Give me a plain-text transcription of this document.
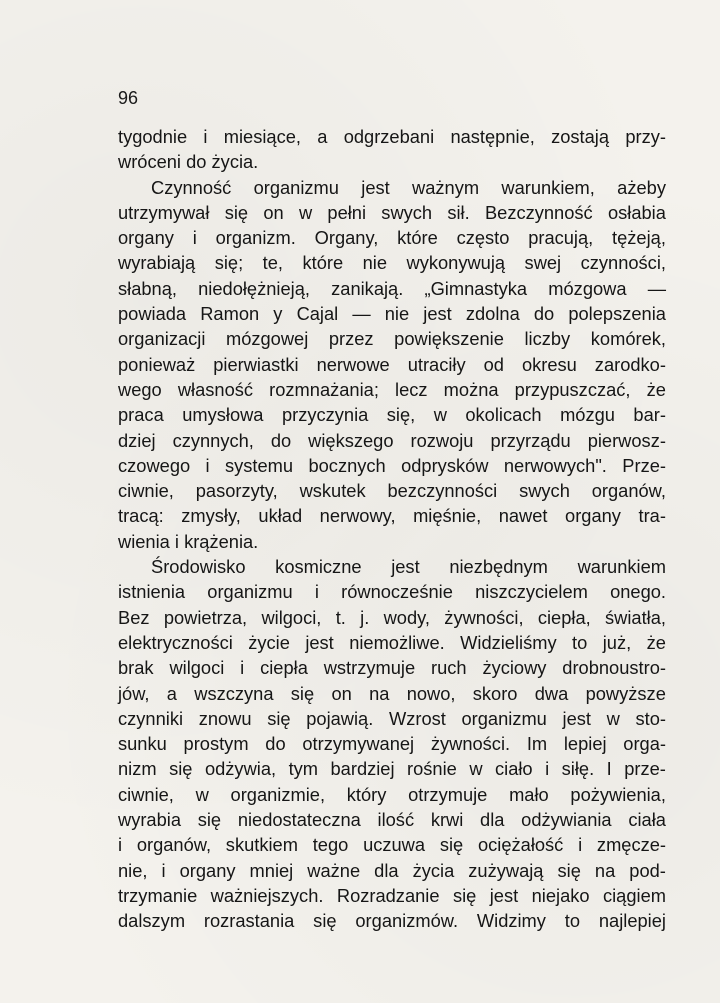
96
tygodnie i miesiące, a odgrzebani następnie, zostają przy-
wróceni
do
życia.
Czynność organizmu jest ważnym warunkiem, ażeby
utrzymywał się on w pełni swych sił. Bezczynność osłabia
organy i organizm. Organy, które często pracują, tężeją,
wyrabiają się; te, które nie wykonywują swej czynności,
słabną, niedołężnieją, zanikają. „Gimnastyka mózgowa —
powiada Ramon y Cajal — nie jest zdolna do polepszenia
organizacji mózgowej przez powiększenie liczby komórek,
ponieważ pierwiastki nerwowe utraciły od okresu zarodko-
wego własność rozmnażania; lecz można przypuszczać, że
praca umysłowa przyczynia się, w okolicach mózgu bar-
dziej czynnych, do większego rozwoju przyrządu pierwosz-
czowego i systemu bocznych odprysków nerwowych". Prze-
ciwnie, pasorzyty, wskutek bezczynności swych organów,
tracą: zmysły, układ nerwowy, mięśnie, nawet organy tra-
wienia
i
krążenia.
Środowisko kosmiczne jest niezbędnym warunkiem
istnienia organizmu i równocześnie niszczycielem onego.
Bez powietrza, wilgoci, t. j. wody, żywności, ciepła, światła,
elektryczności życie jest niemożliwe. Widzieliśmy to już, że
brak wilgoci i ciepła wstrzymuje ruch życiowy drobnoustro-
jów, a wszczyna się on na nowo, skoro dwa powyższe
czynniki znowu się pojawią. Wzrost organizmu jest w sto-
sunku prostym do otrzymywanej żywności. Im lepiej orga-
nizm się odżywia, tym bardziej rośnie w ciało i siłę. I prze-
ciwnie, w organizmie, który otrzymuje mało pożywienia,
wyrabia się niedostateczna ilość krwi dla odżywiania ciała
i organów, skutkiem tego uczuwa się ociężałość i zmęcze-
nie, i organy mniej ważne dla życia zużywają się na pod-
trzymanie ważniejszych. Rozradzanie się jest niejako ciągiem
dalszym rozrastania się organizmów. Widzimy to najlepiej
